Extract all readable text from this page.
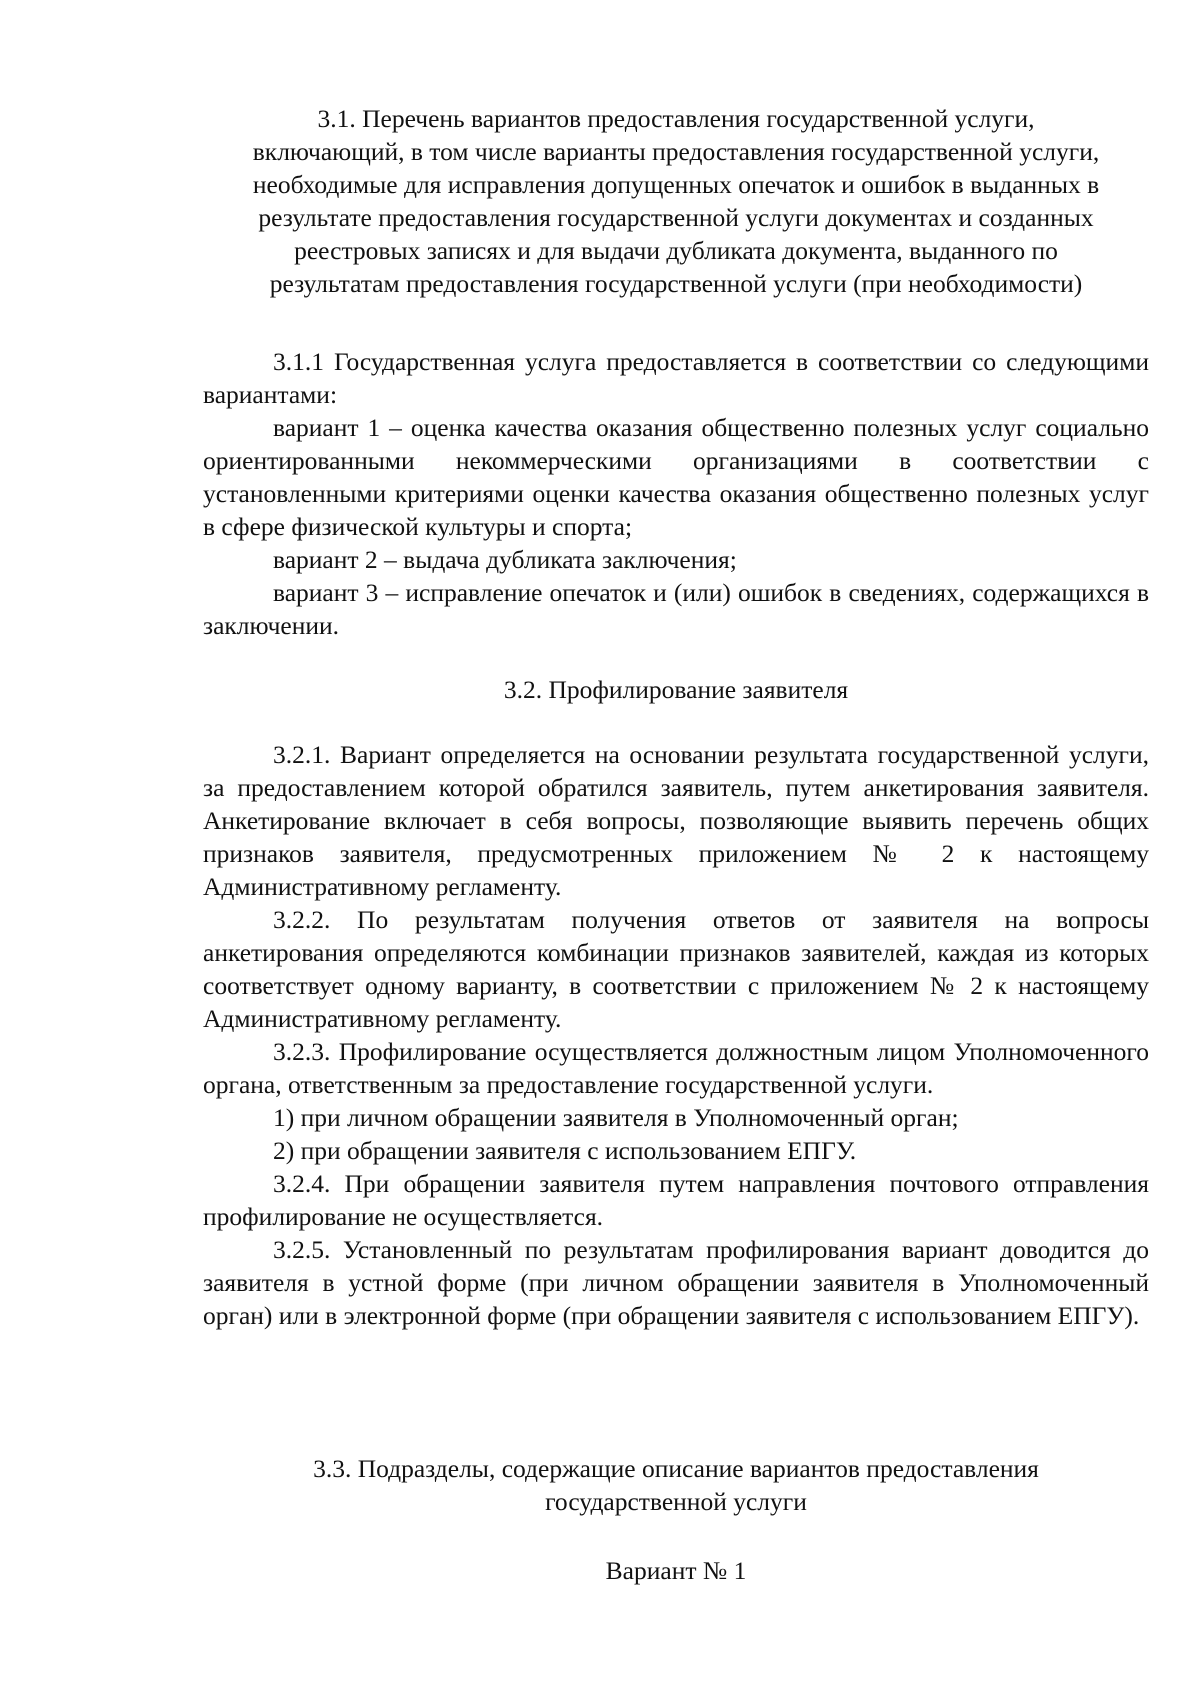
3.1. Перечень вариантов предоставления государственной услуги,

включающий, в том числе варианты предоставления государственной услуги,

необходимые для исправления допущенных опечаток и ошибок в выданных в

результате предоставления государственной услуги документах и созданных

реестровых записях и для выдачи дубликата документа, выданного по

результатам предоставления государственной услуги (при необходимости)

3.1.1 Государственная услуга предоставляется в соответствии со следующими вариантами:

вариант 1 – оценка качества оказания общественно полезных услуг социально ориентированными некоммерческими организациями в соответствии с установленными критериями оценки качества оказания общественно полезных услуг в сфере физической культуры и спорта;

вариант 2 – выдача дубликата заключения;

вариант 3 – исправление опечаток и (или) ошибок в сведениях, содержащихся в заключении.

3.2. Профилирование заявителя

3.2.1. Вариант определяется на основании результата государственной услуги, за предоставлением которой обратился заявитель, путем анкетирования заявителя. Анкетирование включает в себя вопросы, позволяющие выявить перечень общих признаков заявителя, предусмотренных приложением № 2 к настоящему Административному регламенту.

3.2.2. По результатам получения ответов от заявителя на вопросы анкетирования определяются комбинации признаков заявителей, каждая из которых соответствует одному варианту, в соответствии с приложением № 2 к настоящему Административному регламенту.

3.2.3. Профилирование осуществляется должностным лицом Уполномоченного органа, ответственным за предоставление государственной услуги.

1) при личном обращении заявителя в Уполномоченный орган;

2) при обращении заявителя с использованием ЕПГУ.

3.2.4. При обращении заявителя путем направления почтового отправления профилирование не осуществляется.

3.2.5. Установленный по результатам профилирования вариант доводится до заявителя в устной форме (при личном обращении заявителя в Уполномоченный орган) или в электронной форме (при обращении заявителя с использованием ЕПГУ).

3.3. Подразделы, содержащие описание вариантов предоставления

государственной услуги

Вариант № 1
